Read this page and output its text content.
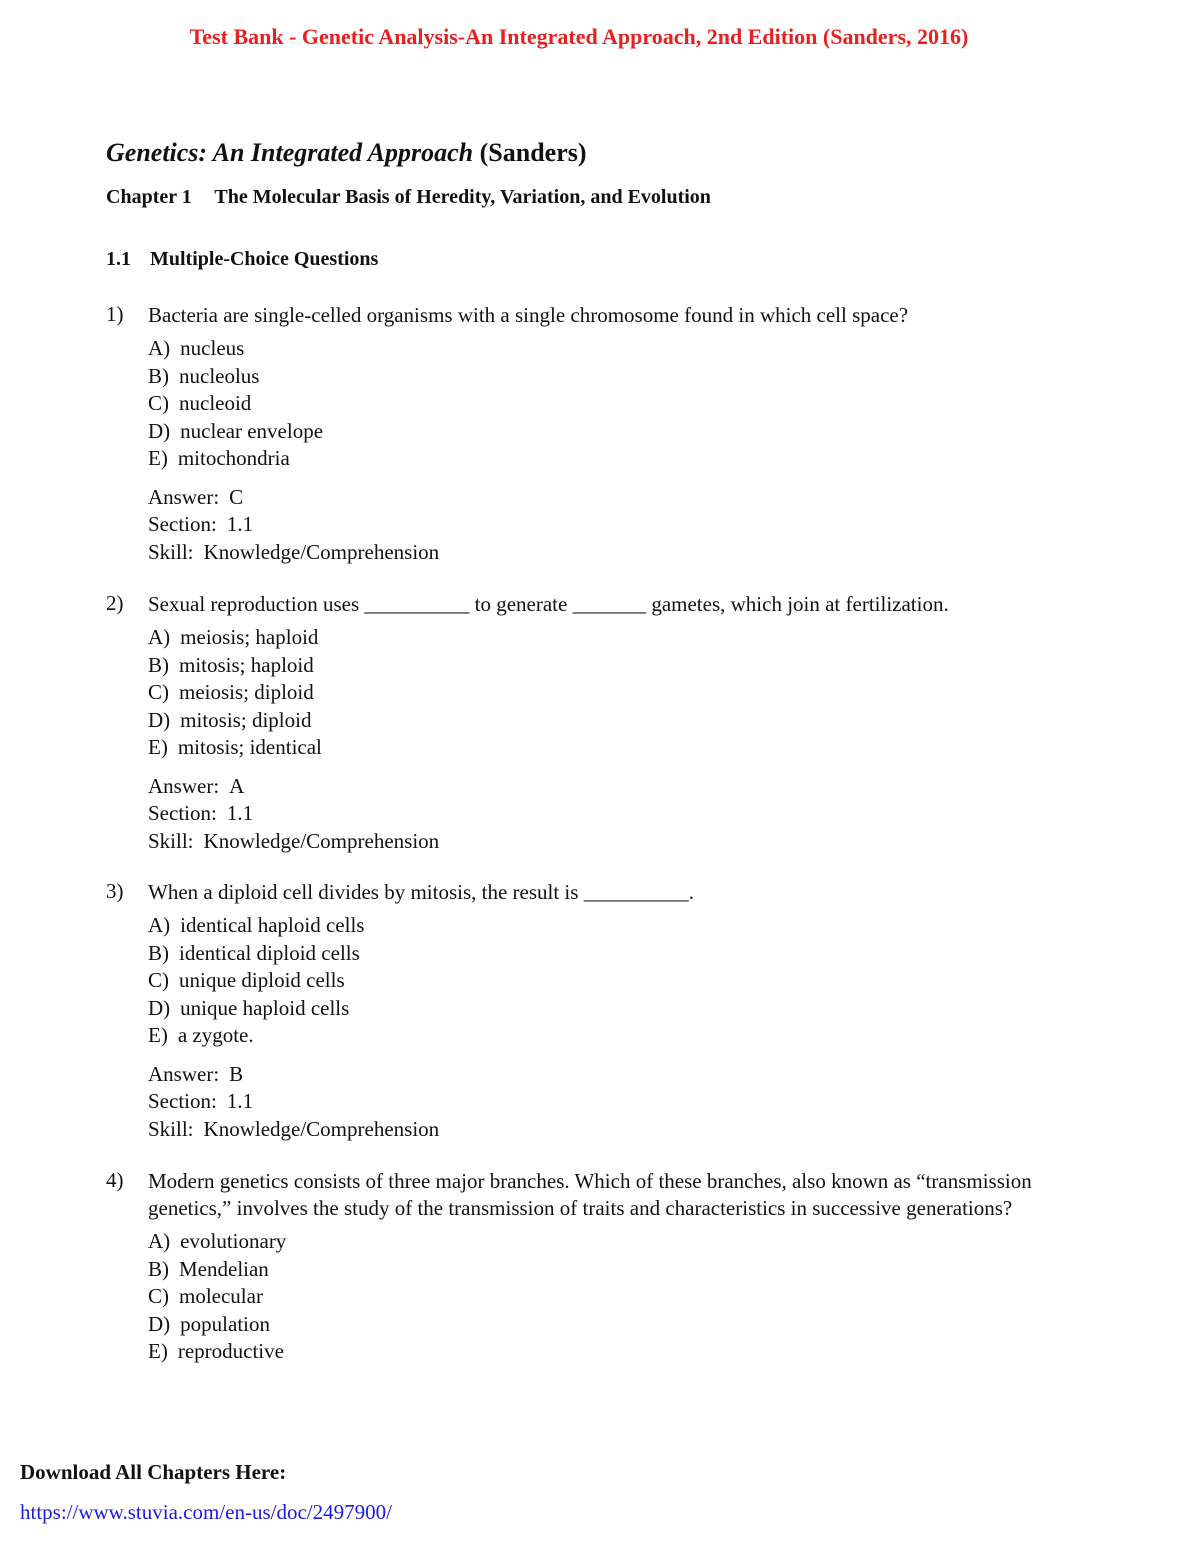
Test Bank - Genetic Analysis-An Integrated Approach, 2nd Edition (Sanders, 2016)
Genetics: An Integrated Approach (Sanders)
Chapter 1 The Molecular Basis of Heredity, Variation, and Evolution
1.1 Multiple-Choice Questions
1)	Bacteria are single-celled organisms with a single chromosome found in which cell space?
A) nucleus
B) nucleolus
C) nucleoid
D) nuclear envelope
E) mitochondria
Answer: C
Section: 1.1
Skill: Knowledge/Comprehension
2)	Sexual reproduction uses __________ to generate _______ gametes, which join at fertilization.
A) meiosis; haploid
B) mitosis; haploid
C) meiosis; diploid
D) mitosis; diploid
E) mitosis; identical
Answer: A
Section: 1.1
Skill: Knowledge/Comprehension
3)	When a diploid cell divides by mitosis, the result is __________.
A) identical haploid cells
B) identical diploid cells
C) unique diploid cells
D) unique haploid cells
E) a zygote.
Answer: B
Section: 1.1
Skill: Knowledge/Comprehension
4)	Modern genetics consists of three major branches. Which of these branches, also known as “transmission genetics,” involves the study of the transmission of traits and characteristics in successive generations?
A) evolutionary
B) Mendelian
C) molecular
D) population
E) reproductive
Download All Chapters Here:
https://www.stuvia.com/en-us/doc/2497900/
